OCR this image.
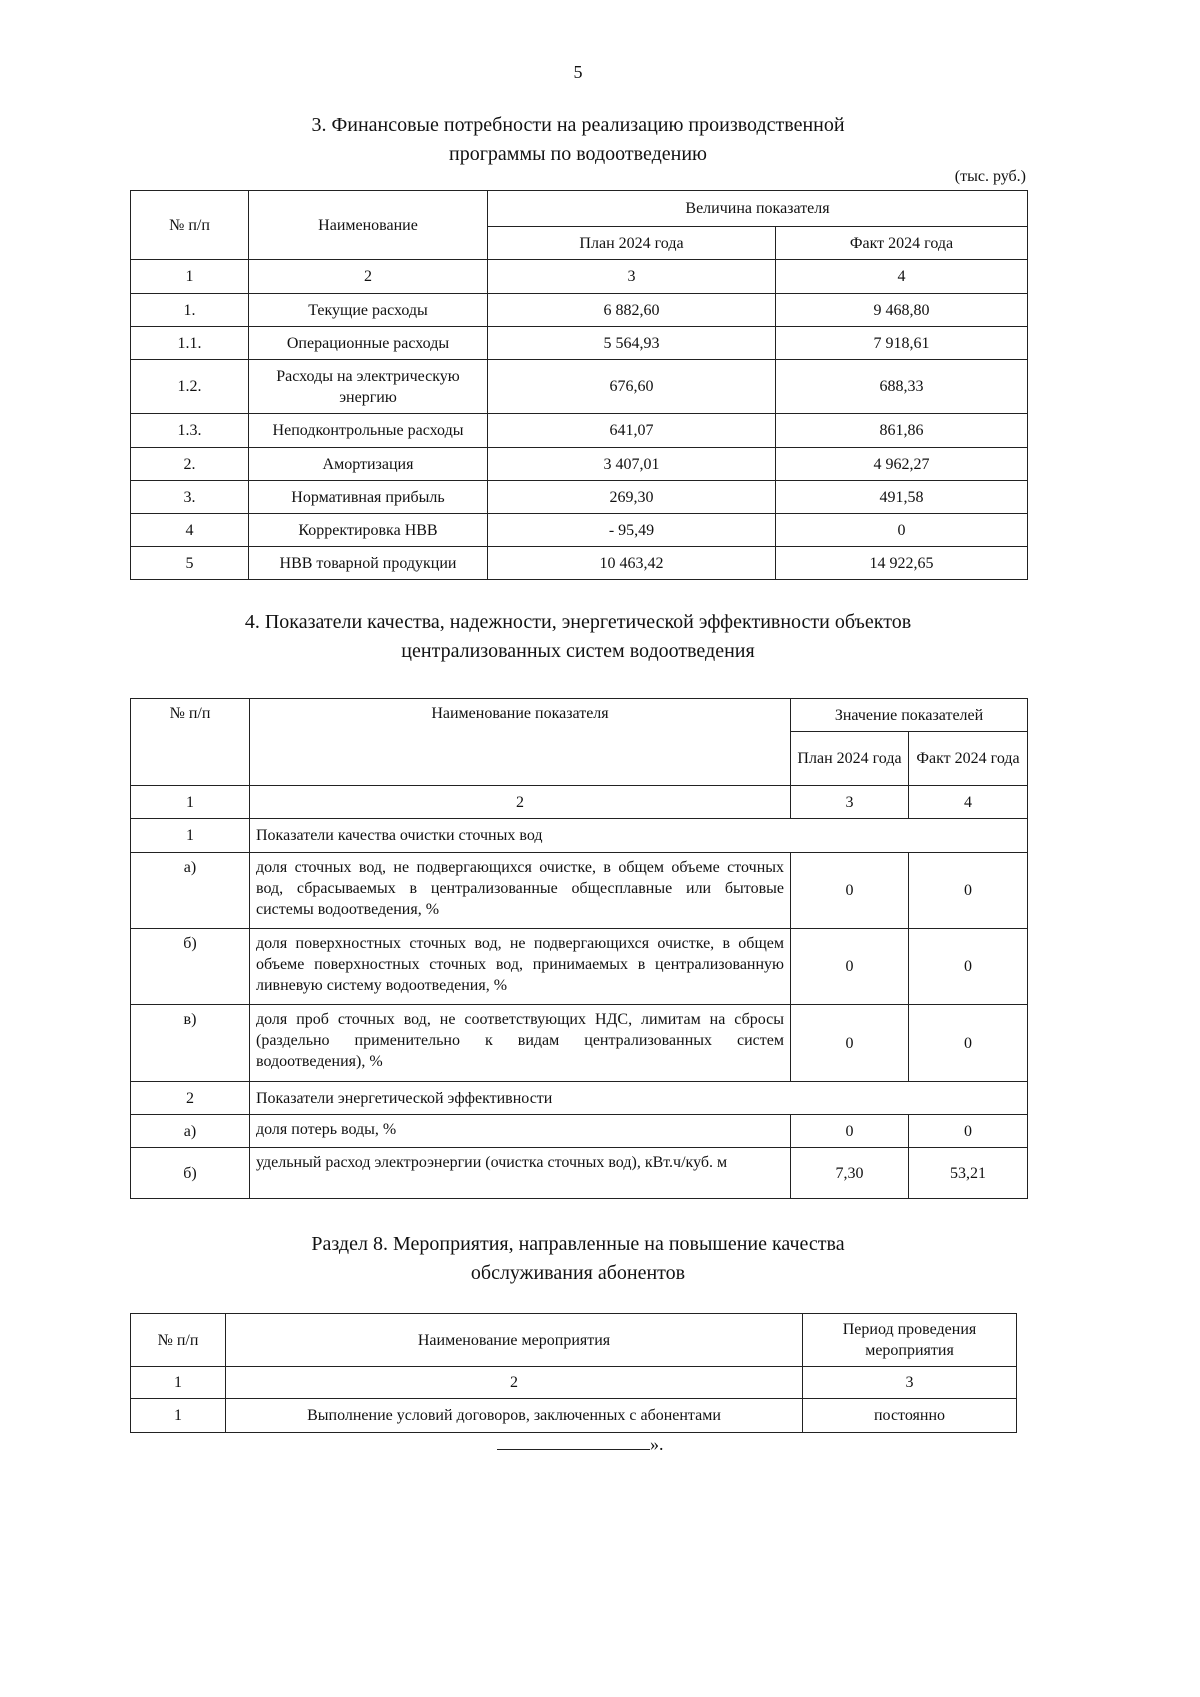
5
3. Финансовые потребности на реализацию производственной
программы по водоотведению
(тыс. руб.)
№ п/п	Наименование	Величина показателя	
		План 2024 года	Факт 2024 года
1	2	3	4
1.	Текущие расходы	6 882,60	9 468,80
1.1.	Операционные расходы	5 564,93	7 918,61
1.2.	Расходы на электрическую энергию	676,60	688,33
1.3.	Неподконтрольные расходы	641,07	861,86
2.	Амортизация	3 407,01	4 962,27
3.	Нормативная прибыль	269,30	491,58
4	Корректировка НВВ	- 95,49	0
5	НВВ товарной продукции	10 463,42	14 922,65
4. Показатели качества, надежности, энергетической эффективности объектов
централизованных систем водоотведения
№ п/п	Наименование показателя	Значение показателей	
		План 2024 года	Факт 2024 года
1	2	3	4
1	Показатели качества очистки сточных вод		
а)	доля сточных вод, не подвергающихся очистке, в общем объеме сточных вод, сбрасываемых в централизованные общесплавные или бытовые системы водоотведения, %	0	0
б)	доля поверхностных сточных вод, не подвергающихся очистке, в общем объеме поверхностных сточных вод, принимаемых в централизованную ливневую систему водоотведения, %	0	0
в)	доля проб сточных вод, не соответствующих НДС, лимитам на сбросы (раздельно применительно к видам централизованных систем водоотведения), %	0	0
2	Показатели энергетической эффективности		
а)	доля потерь воды, %	0	0
б)	удельный расход электроэнергии (очистка сточных вод), кВт.ч/куб. м	7,30	53,21
Раздел 8. Мероприятия, направленные на повышение качества
обслуживания абонентов
№ п/п	Наименование мероприятия	Период проведения мероприятия
1	2	3
1	Выполнение условий договоров, заключенных с абонентами	постоянно
».
